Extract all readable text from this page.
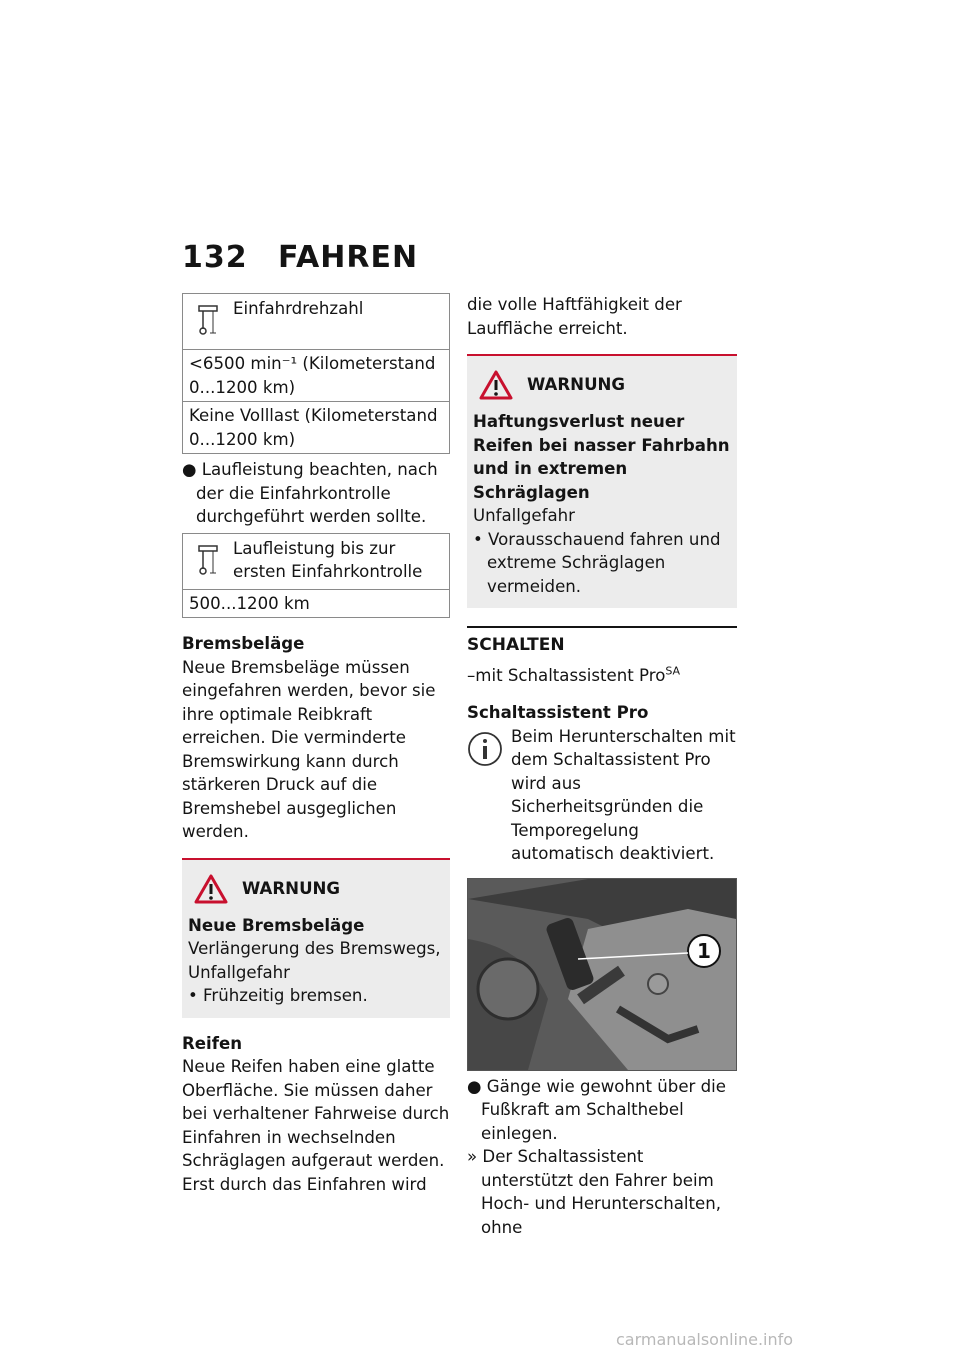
132 FAHREN
Einfahrdrehzahl
<6500 min⁻¹ (Kilometerstand 0...1200 km)
Keine Volllast (Kilometerstand 0...1200 km)

● Laufleistung beachten, nach der die Einfahrkontrolle durchgeführt werden sollte.

Laufleistung bis zur ersten Einfahrkontrolle
500...1200 km

Bremsbeläge

Neue Bremsbeläge müssen eingefahren werden, bevor sie ihre optimale Reibkraft erreichen. Die verminderte Bremswirkung kann durch stärkeren Druck auf die Bremshebel ausgeglichen werden.

WARNUNG

Neue Bremsbeläge

Verlängerung des Bremswegs, Unfallgefahr

• Frühzeitig bremsen.

Reifen

Neue Reifen haben eine glatte Oberfläche. Sie müssen daher bei verhaltener Fahrweise durch Einfahren in wechselnden Schräglagen aufgeraut werden. Erst durch das Einfahren wird

die volle Haftfähigkeit der Lauffläche erreicht.

WARNUNG

Haftungsverlust neuer Reifen bei nasser Fahrbahn und in extremen Schräglagen

Unfallgefahr

• Vorausschauend fahren und extreme Schräglagen vermeiden.

SCHALTEN

–mit Schaltassistent Pro$^{SA}$

Schaltassistent Pro

Beim Herunterschalten mit dem Schaltassistent Pro wird aus Sicherheitsgründen die Temporegelung automatisch deaktiviert.

1

● Gänge wie gewohnt über die Fußkraft am Schalthebel einlegen.

» Der Schaltassistent unterstützt den Fahrer beim Hoch- und Herunterschalten, ohne

carmanualsonline.info
